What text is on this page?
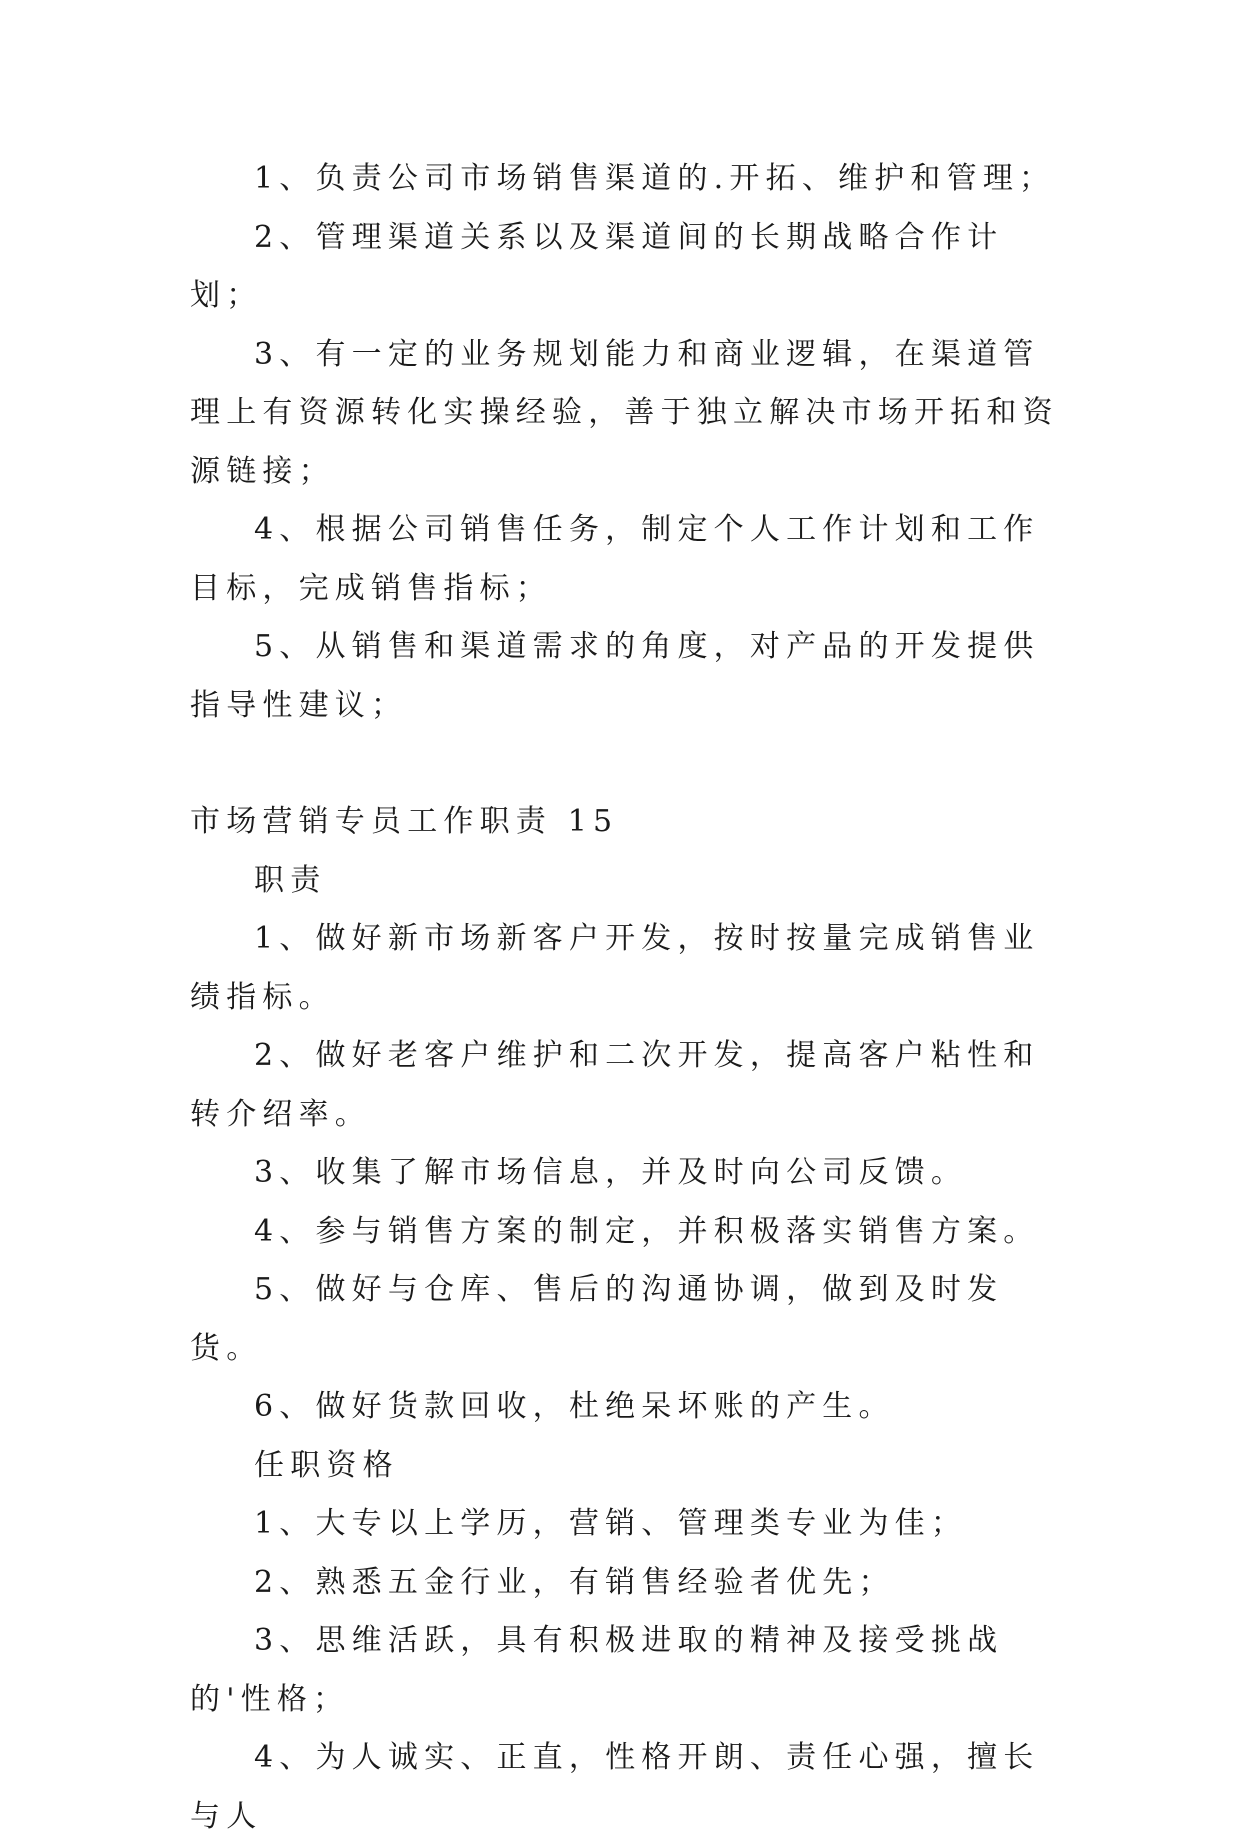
1、负责公司市场销售渠道的.开拓、维护和管理；

2、管理渠道关系以及渠道间的长期战略合作计划；

3、有一定的业务规划能力和商业逻辑，在渠道管理上有资源转化实操经验，善于独立解决市场开拓和资源链接；

4、根据公司销售任务，制定个人工作计划和工作目标，完成销售指标；

5、从销售和渠道需求的角度，对产品的开发提供指导性建议；

市场营销专员工作职责 15

职责

1、做好新市场新客户开发，按时按量完成销售业绩指标。

2、做好老客户维护和二次开发，提高客户粘性和转介绍率。

3、收集了解市场信息，并及时向公司反馈。

4、参与销售方案的制定，并积极落实销售方案。

5、做好与仓库、售后的沟通协调，做到及时发货。

6、做好货款回收，杜绝呆坏账的产生。

任职资格

1、大专以上学历，营销、管理类专业为佳；

2、熟悉五金行业，有销售经验者优先；

3、思维活跃，具有积极进取的精神及接受挑战的'性格；

4、为人诚实、正直，性格开朗、责任心强，擅长与人
